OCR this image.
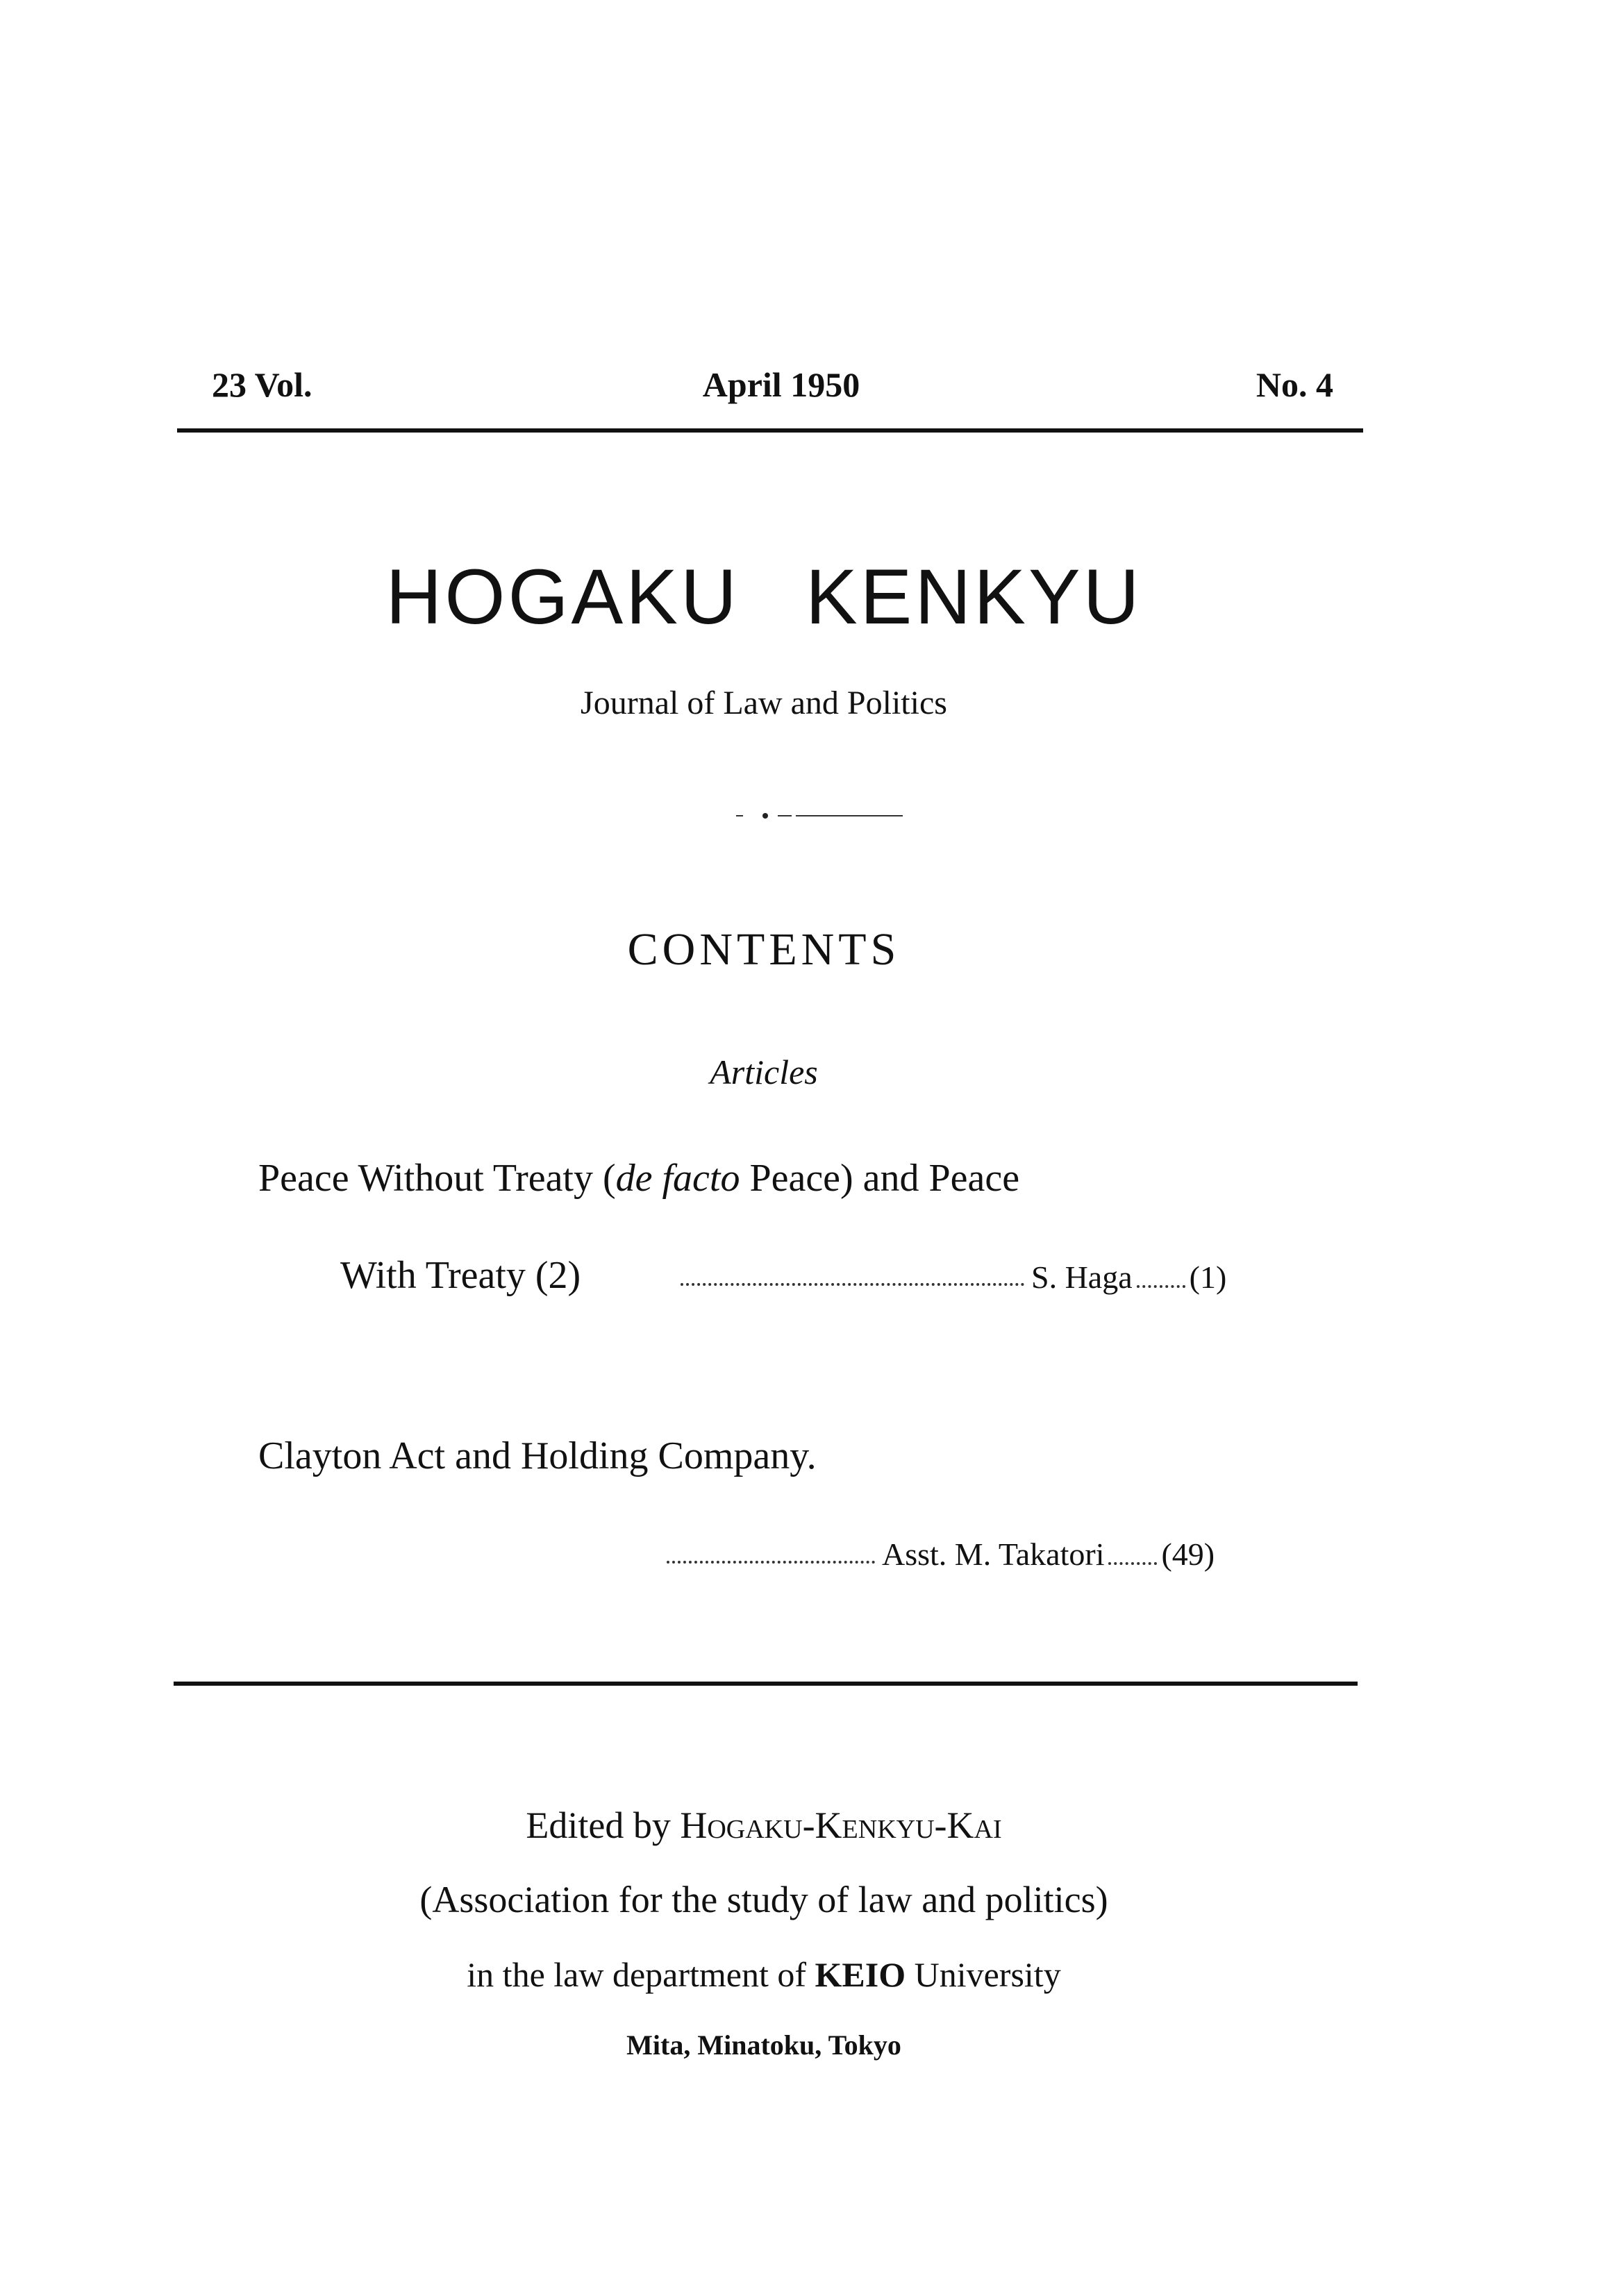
23 Vol.	April 1950	No. 4
HOGAKU KENKYU
Journal of Law and Politics
CONTENTS
Articles
Peace Without Treaty (de facto Peace) and Peace
With Treaty (2)	S. Haga (1)
Clayton Act and Holding Company.
Asst. M. Takatori (49)
Edited by Hogaku-Kenkyu-Kai
(Association for the study of law and politics)
in the law department of KEIO University
Mita, Minatoku, Tokyo
